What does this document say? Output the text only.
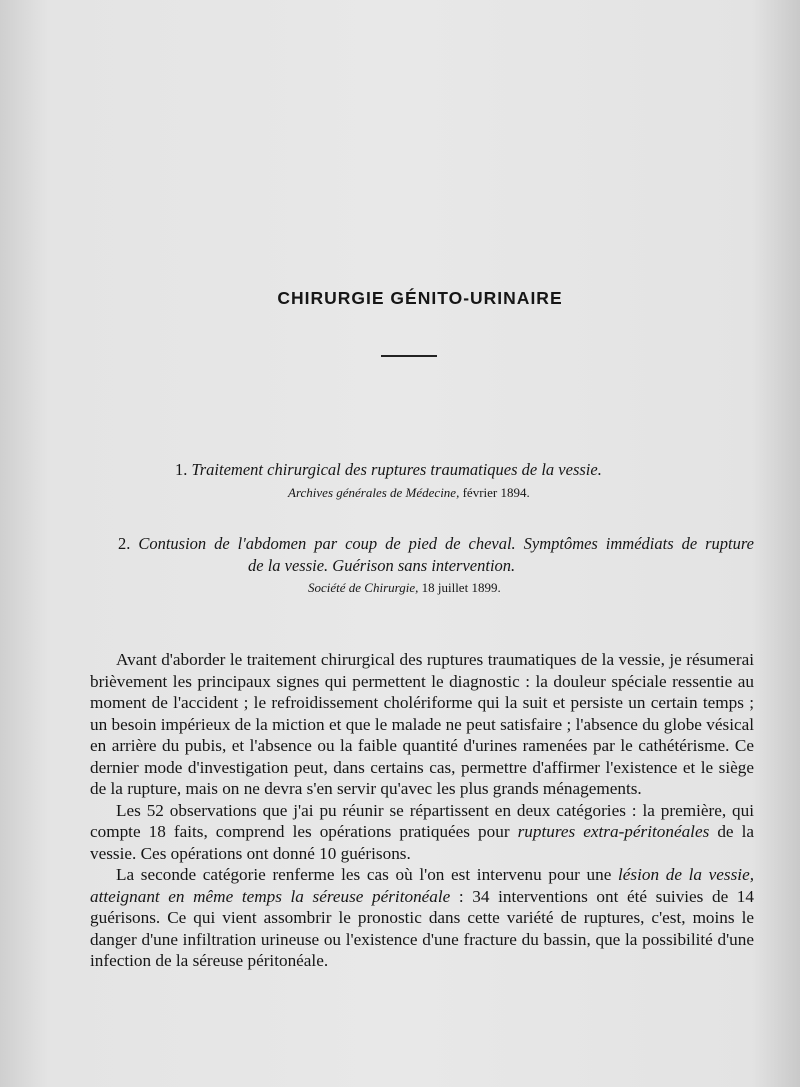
CHIRURGIE GÉNITO-URINAIRE
1. Traitement chirurgical des ruptures traumatiques de la vessie.
Archives générales de Médecine, février 1894.
2. Contusion de l'abdomen par coup de pied de cheval. Symptômes immédiats de rupture
de la vessie. Guérison sans intervention.
Société de Chirurgie, 18 juillet 1899.

Avant d'aborder le traitement chirurgical des ruptures traumatiques de la vessie, je résumerai brièvement les principaux signes qui permettent le diagnostic : la douleur spéciale ressentie au moment de l'accident ; le refroidissement cholériforme qui la suit et persiste un certain temps ; un besoin impérieux de la miction et que le malade ne peut satisfaire ; l'absence du globe vésical en arrière du pubis, et l'absence ou la faible quantité d'urines ramenées par le cathétérisme. Ce dernier mode d'investigation peut, dans certains cas, permettre d'affirmer l'existence et le siège de la rupture, mais on ne devra s'en servir qu'avec les plus grands ménagements.

Les 52 observations que j'ai pu réunir se répartissent en deux catégories : la première, qui compte 18 faits, comprend les opérations pratiquées pour ruptures extra-péritonéales de la vessie. Ces opérations ont donné 10 guérisons.

La seconde catégorie renferme les cas où l'on est intervenu pour une lésion de la vessie, atteignant en même temps la séreuse péritonéale : 34 interventions ont été suivies de 14 guérisons. Ce qui vient assombrir le pronostic dans cette variété de ruptures, c'est, moins le danger d'une infiltration urineuse ou l'existence d'une fracture du bassin, que la possibilité d'une infection de la séreuse péritonéale.
